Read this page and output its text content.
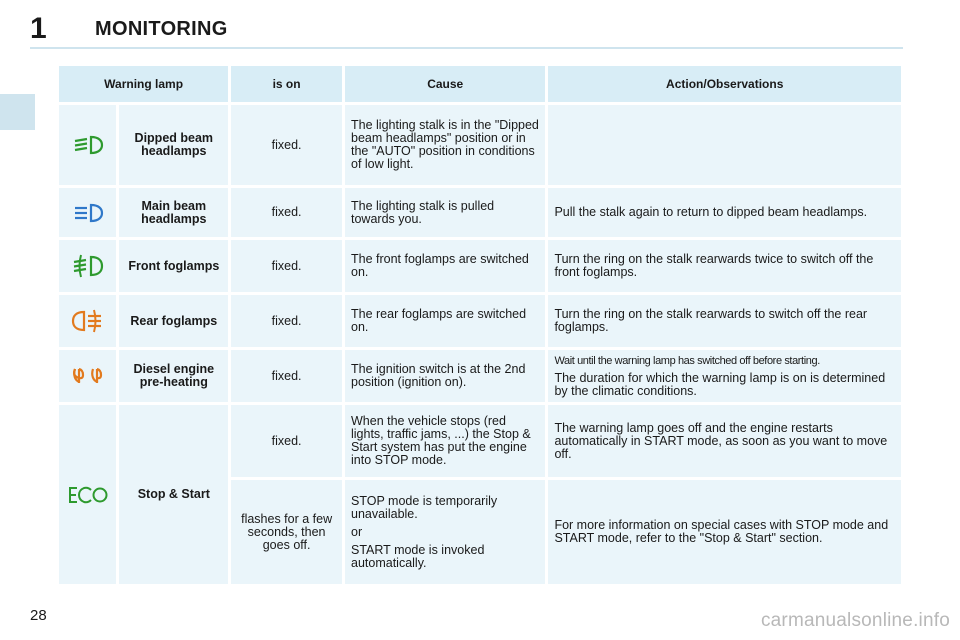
1 MONITORING
Warning lamp		is on	Cause	Action/Observations
	Dipped beam headlamps	fixed.	The lighting stalk is in the "Dipped beam headlamps" position or in the "AUTO" position in conditions of low light.	
	Main beam headlamps	fixed.	The lighting stalk is pulled towards you.	Pull the stalk again to return to dipped beam headlamps.
	Front foglamps	fixed.	The front foglamps are switched on.	Turn the ring on the stalk rearwards twice to switch off the front foglamps.
	Rear foglamps	fixed.	The rear foglamps are switched on.	Turn the ring on the stalk rearwards to switch off the rear foglamps.
	Diesel engine pre-heating	fixed.	The ignition switch is at the 2nd position (ignition on).	Wait until the warning lamp has switched off before starting.
The duration for which the warning lamp is on is determined by the climatic conditions.

	Stop & Start	fixed.	When the vehicle stops (red lights, traffic jams, ...) the Stop & Start system has put the engine into STOP mode.	The warning lamp goes off and the engine restarts automatically in START mode, as soon as you want to move off.
		flashes for a few seconds, then goes off.	STOP mode is temporarily unavailable.
or
START mode is invoked automatically.	For more information on special cases with STOP mode and START mode, refer to the "Stop & Start" section.
28	carmanualsonline.info
